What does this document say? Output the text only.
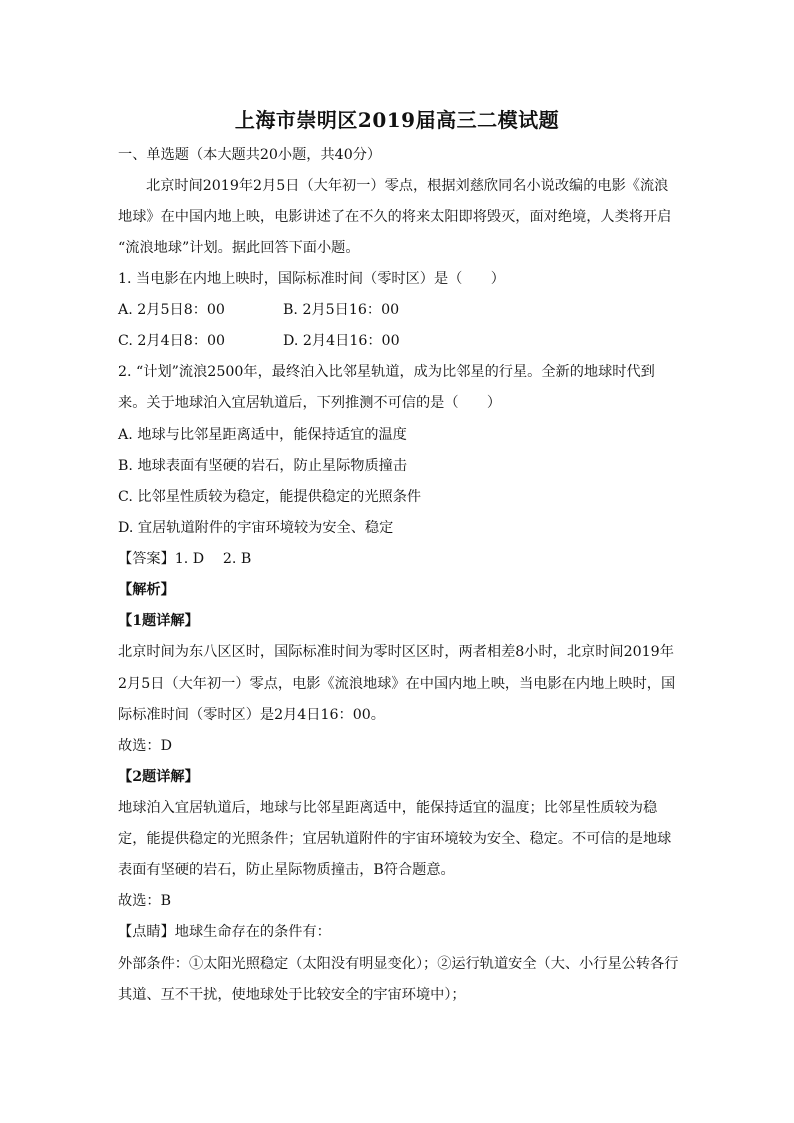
上海市崇明区2019届高三二模试题
一、单选题（本大题共20小题，共40分）
北京时间2019年2月5日（大年初一）零点，根据刘慈欣同名小说改编的电影《流浪
地球》在中国内地上映，电影讲述了在不久的将来太阳即将毁灭，面对绝境，人类将开启
“流浪地球”计划。据此回答下面小题。
1. 当电影在内地上映时，国际标准时间（零时区）是（　　）
A. 2月5日8：00	B. 2月5日16：00
C. 2月4日8：00	D. 2月4日16：00
2. “计划”流浪2500年，最终泊入比邻星轨道，成为比邻星的行星。全新的地球时代到
来。关于地球泊入宜居轨道后，下列推测不可信的是（　　）
A. 地球与比邻星距离适中，能保持适宜的温度
B. 地球表面有坚硬的岩石，防止星际物质撞击
C. 比邻星性质较为稳定，能提供稳定的光照条件
D. 宜居轨道附件的宇宙环境较为安全、稳定
【答案】1. D　 2. B
【解析】
【1题详解】
北京时间为东八区区时，国际标准时间为零时区区时，两者相差8小时，北京时间2019年
2月5日（大年初一）零点，电影《流浪地球》在中国内地上映，当电影在内地上映时，国
际标准时间（零时区）是2月4日16：00。
故选：D
【2题详解】
地球泊入宜居轨道后，地球与比邻星距离适中，能保持适宜的温度；比邻星性质较为稳
定，能提供稳定的光照条件；宜居轨道附件的宇宙环境较为安全、稳定。不可信的是地球
表面有坚硬的岩石，防止星际物质撞击，B符合题意。
故选：B
【点睛】地球生命存在的条件有：
外部条件：①太阳光照稳定（太阳没有明显变化）；②运行轨道安全（大、小行星公转各行
其道、互不干扰，使地球处于比较安全的宇宙环境中）；
